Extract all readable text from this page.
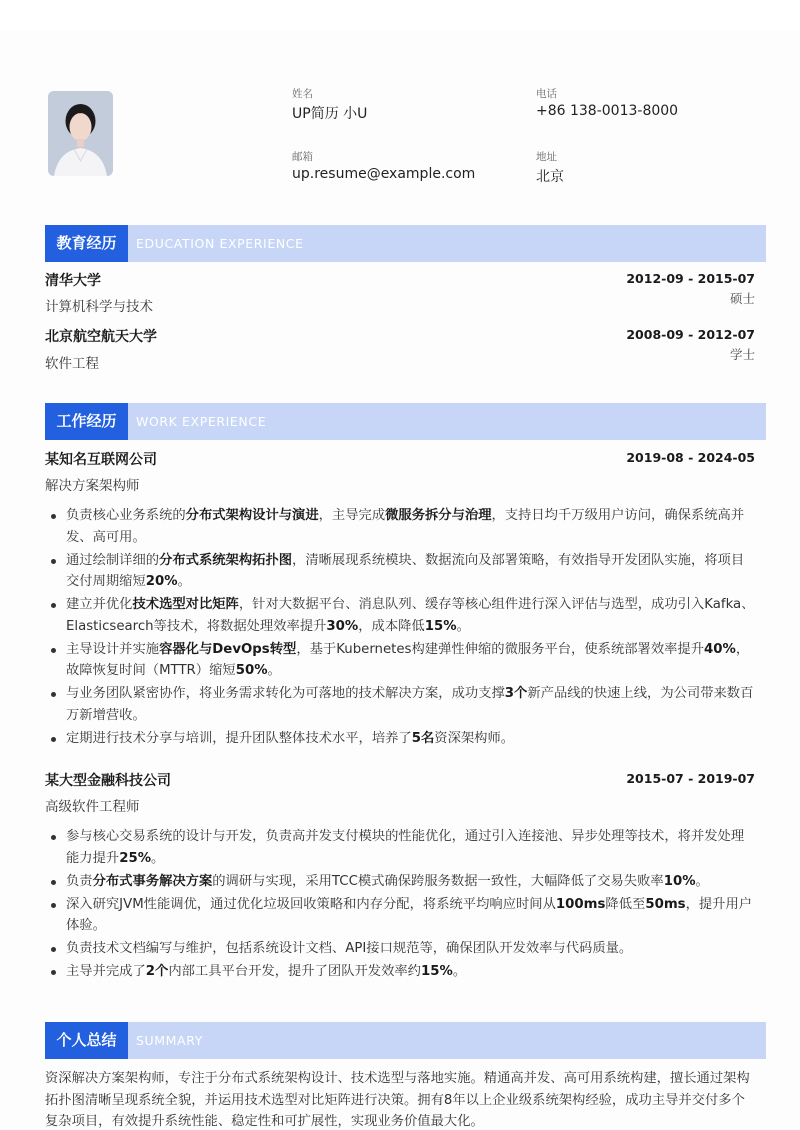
姓名
UP简历 小U
电话
+86 138-0013-8000
邮箱
up.resume@example.com
地址
北京
教育经历	EDUCATION EXPERIENCE
清华大学	2012-09 - 2015-07
计算机科学与技术
硕士
北京航空航天大学	2008-09 - 2012-07
软件工程
学士
工作经历	WORK EXPERIENCE
某知名互联网公司	2019-08 - 2024-05
解决方案架构师
负责核心业务系统的分布式架构设计与演进，主导完成微服务拆分与治理，支持日均千万级用户访问，确保系统高并发、高可用。
通过绘制详细的分布式系统架构拓扑图，清晰展现系统模块、数据流向及部署策略，有效指导开发团队实施，将项目交付周期缩短20%。
建立并优化技术选型对比矩阵，针对大数据平台、消息队列、缓存等核心组件进行深入评估与选型，成功引入Kafka、Elasticsearch等技术，将数据处理效率提升30%，成本降低15%。
主导设计并实施容器化与DevOps转型，基于Kubernetes构建弹性伸缩的微服务平台，使系统部署效率提升40%，故障恢复时间（MTTR）缩短50%。
与业务团队紧密协作，将业务需求转化为可落地的技术解决方案，成功支撑3个新产品线的快速上线，为公司带来数百万新增营收。
定期进行技术分享与培训，提升团队整体技术水平，培养了5名资深架构师。
某大型金融科技公司	2015-07 - 2019-07
高级软件工程师
参与核心交易系统的设计与开发，负责高并发支付模块的性能优化，通过引入连接池、异步处理等技术，将并发处理能力提升25%。
负责分布式事务解决方案的调研与实现，采用TCC模式确保跨服务数据一致性，大幅降低了交易失败率10%。
深入研究JVM性能调优，通过优化垃圾回收策略和内存分配，将系统平均响应时间从100ms降低至50ms，提升用户体验。
负责技术文档编写与维护，包括系统设计文档、API接口规范等，确保团队开发效率与代码质量。
主导并完成了2个内部工具平台开发，提升了团队开发效率约15%。
个人总结	SUMMARY
资深解决方案架构师，专注于分布式系统架构设计、技术选型与落地实施。精通高并发、高可用系统构建，擅长通过架构拓扑图清晰呈现系统全貌，并运用技术选型对比矩阵进行决策。拥有8年以上企业级系统架构经验，成功主导并交付多个复杂项目，有效提升系统性能、稳定性和可扩展性，实现业务价值最大化。
